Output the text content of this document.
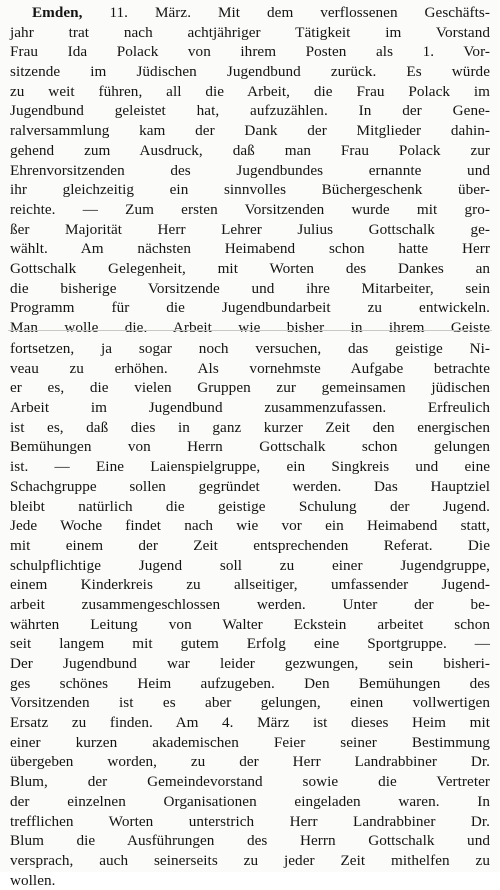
Emden, 11. März. Mit dem verflossenen Geschäfts-
jahr trat nach achtjähriger Tätigkeit im Vorstand
Frau Ida Polack von ihrem Posten als 1. Vor-
sitzende im Jüdischen Jugendbund zurück. Es würde
zu weit führen, all die Arbeit, die Frau Polack im
Jugendbund geleistet hat, aufzuzählen. In der Gene-
ralversammlung kam der Dank der Mitglieder dahin-
gehend zum Ausdruck, daß man Frau Polack zur
Ehrenvorsitzenden des Jugendbundes ernannte und
ihr gleichzeitig ein sinnvolles Büchergeschenk über-
reichte. — Zum ersten Vorsitzenden wurde mit gro-
ßer Majorität Herr Lehrer Julius Gottschalk ge-
wählt. Am nächsten Heimabend schon hatte Herr
Gottschalk Gelegenheit, mit Worten des Dankes an
die bisherige Vorsitzende und ihre Mitarbeiter, sein
Programm für die Jugendbundarbeit zu entwickeln.
Man wolle die. Arbeit wie bisher in ihrem Geiste
fortsetzen, ja sogar noch versuchen, das geistige Ni-
veau zu erhöhen. Als vornehmste Aufgabe betrachte
er es, die vielen Gruppen zur gemeinsamen jüdischen
Arbeit im Jugendbund zusammenzufassen. Erfreulich
ist es, daß dies in ganz kurzer Zeit den energischen
Bemühungen von Herrn Gottschalk schon gelungen
ist. — Eine Laienspielgruppe, ein Singkreis und eine
Schachgruppe sollen gegründet werden. Das Hauptziel
bleibt natürlich die geistige Schulung der Jugend.
Jede Woche findet nach wie vor ein Heimabend statt,
mit einem der Zeit entsprechenden Referat. Die
schulpflichtige Jugend soll zu einer Jugendgruppe,
einem Kinderkreis zu allseitiger, umfassender Jugend-
arbeit zusammengeschlossen werden. Unter der be-
währten Leitung von Walter Eckstein arbeitet schon
seit langem mit gutem Erfolg eine Sportgruppe. —
Der Jugendbund war leider gezwungen, sein bisheri-
ges schönes Heim aufzugeben. Den Bemühungen des
Vorsitzenden ist es aber gelungen, einen vollwertigen
Ersatz zu finden. Am 4. März ist dieses Heim mit
einer kurzen akademischen Feier seiner Bestimmung
übergeben worden, zu der Herr Landrabbiner Dr.
Blum, der Gemeindevorstand sowie die Vertreter
der einzelnen Organisationen eingeladen waren. In
trefflichen Worten unterstrich Herr Landrabbiner Dr.
Blum die Ausführungen des Herrn Gottschalk und
versprach, auch seinerseits zu jeder Zeit mithelfen zu
wollen.
